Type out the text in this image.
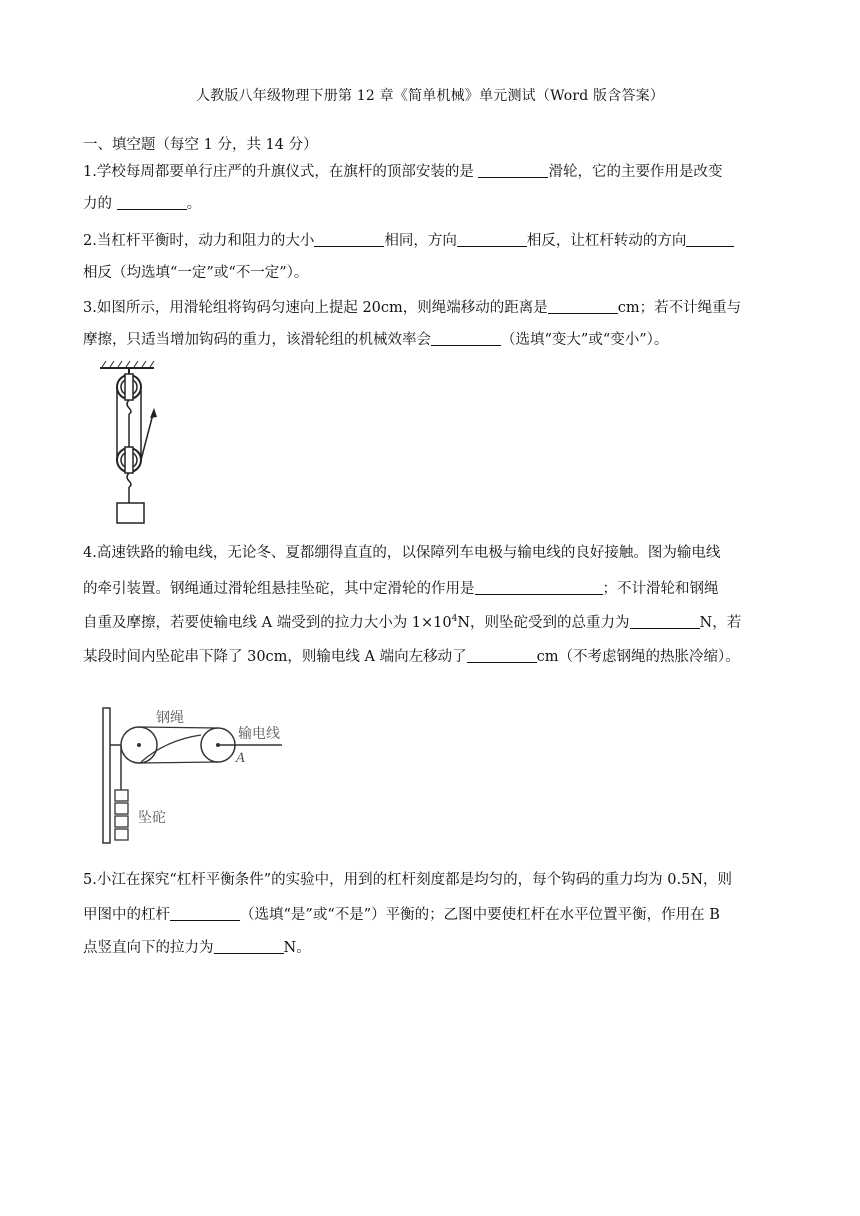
人教版八年级物理下册第 12 章《简单机械》单元测试（Word 版含答案）
一、填空题（每空 1 分，共 14 分）
1.学校每周都要单行庄严的升旗仪式，在旗杆的顶部安装的是	滑轮，它的主要作用是改变
力的	。
2.当杠杆平衡时，动力和阻力的大小	相同，方向	相反，让杠杆转动的方向
相反（均选填“一定”或“不一定”）。
3.如图所示，用滑轮组将钩码匀速向上提起 20cm，则绳端移动的距离是	cm；若不计绳重与
摩擦，只适当增加钩码的重力，该滑轮组的机械效率会	（选填“变大”或“变小”）。
4.高速铁路的输电线，无论冬、夏都绷得直直的，以保障列车电极与输电线的良好接触。图为输电线
的牵引装置。钢绳通过滑轮组悬挂坠砣，其中定滑轮的作用是	；不计滑轮和钢绳
自重及摩擦，若要使输电线 A 端受到的拉力大小为 $1\times 10^4N$，则坠砣受到的总重力为	N，若
某段时间内坠砣串下降了 30cm，则输电线 A 端向左移动了	cm（不考虑钢绳的热胀冷缩）。
钢绳
输电线
A
坠砣
5.小江在探究“杠杆平衡条件”的实验中，用到的杠杆刻度都是均匀的，每个钩码的重力均为 0.5N，则
甲图中的杠杆	（选填“是”或“不是”）平衡的；乙图中要使杠杆在水平位置平衡，作用在 B
点竖直向下的拉力为	N。
